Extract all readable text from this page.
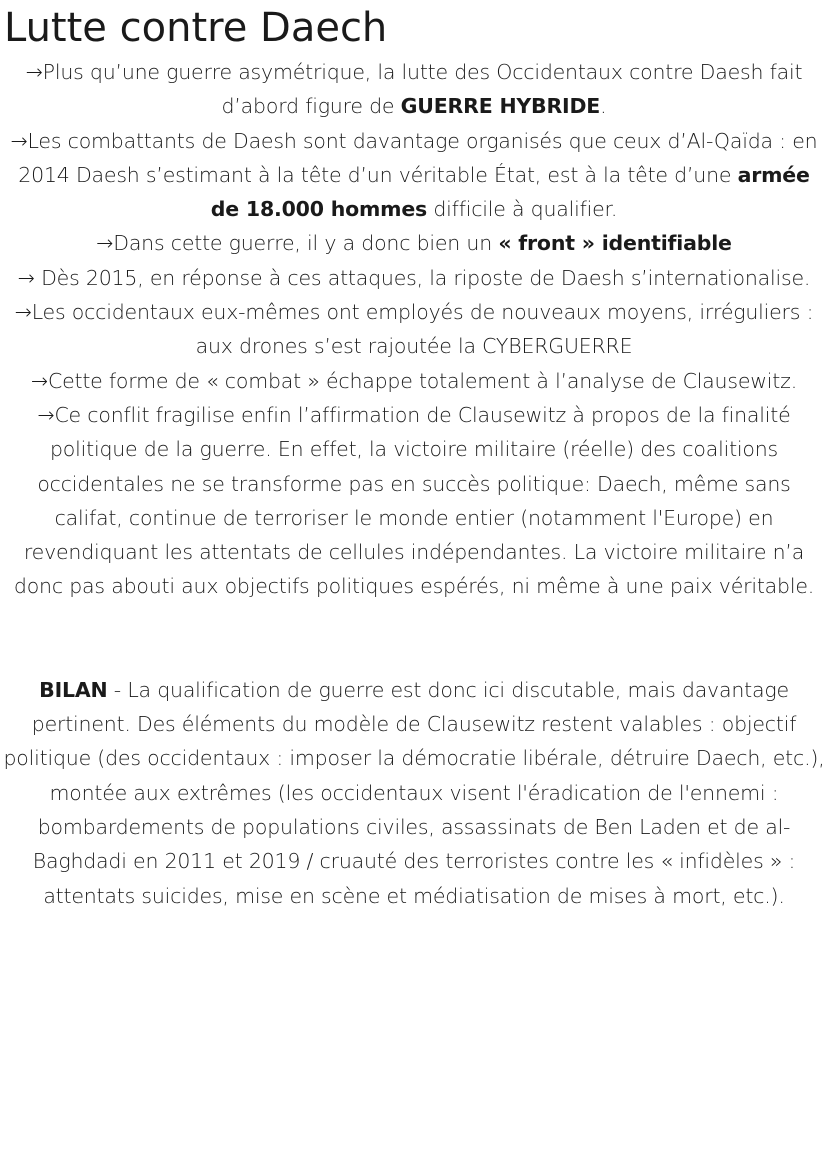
Lutte contre Daech

→Plus qu’une guerre asymétrique, la lutte des Occidentaux contre Daesh fait d’abord figure de GUERRE HYBRIDE.

→Les combattants de Daesh sont davantage organisés que ceux d’Al-Qaïda : en 2014 Daesh s’estimant à la tête d’un véritable État, est à la tête d’une armée de 18.000 hommes difficile à qualifier.

→Dans cette guerre, il y a donc bien un « front » identifiable

→ Dès 2015, en réponse à ces attaques, la riposte de Daesh s’internationalise.

→Les occidentaux eux-mêmes ont employés de nouveaux moyens, irréguliers : aux drones s’est rajoutée la CYBERGUERRE

→Cette forme de « combat » échappe totalement à l’analyse de Clausewitz.

→Ce conflit fragilise enfin l’affirmation de Clausewitz à propos de la finalité politique de la guerre. En effet, la victoire militaire (réelle) des coalitions occidentales ne se transforme pas en succès politique: Daech, même sans califat, continue de terroriser le monde entier (notamment l'Europe) en revendiquant les attentats de cellules indépendantes. La victoire militaire n’a donc pas abouti aux objectifs politiques espérés, ni même à une paix véritable.

BILAN - La qualification de guerre est donc ici discutable, mais davantage pertinent. Des éléments du modèle de Clausewitz restent valables : objectif politique (des occidentaux : imposer la démocratie libérale, détruire Daech, etc.), montée aux extrêmes (les occidentaux visent l'éradication de l'ennemi : bombardements de populations civiles, assassinats de Ben Laden et de al-Baghdadi en 2011 et 2019 / cruauté des terroristes contre les « infidèles » : attentats suicides, mise en scène et médiatisation de mises à mort, etc.).
